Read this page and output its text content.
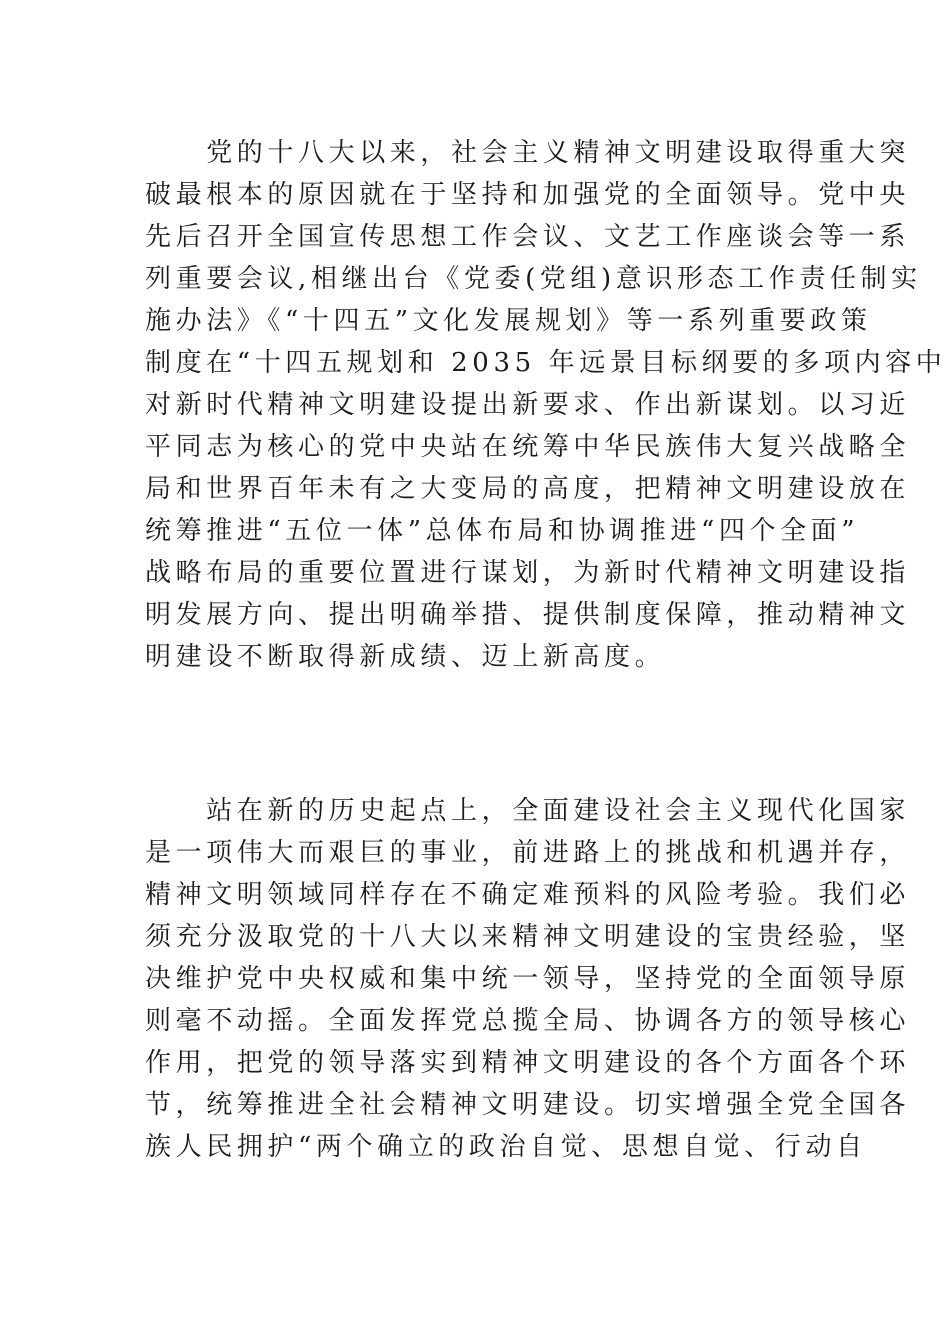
　　党的十八大以来，社会主义精神文明建设取得重大突
破最根本的原因就在于坚持和加强党的全面领导。党中央
先后召开全国宣传思想工作会议、文艺工作座谈会等一系
列重要会议,相继出台《党委(党组)意识形态工作责任制实
施办法》《“十四五”文化发展规划》等一系列重要政策
制度在“十四五规划和 2035 年远景目标纲要的多项内容中
对新时代精神文明建设提出新要求、作出新谋划。以习近
平同志为核心的党中央站在统筹中华民族伟大复兴战略全
局和世界百年未有之大变局的高度，把精神文明建设放在
统筹推进“五位一体”总体布局和协调推进“四个全面”
战略布局的重要位置进行谋划，为新时代精神文明建设指
明发展方向、提出明确举措、提供制度保障，推动精神文
明建设不断取得新成绩、迈上新高度。
　　站在新的历史起点上，全面建设社会主义现代化国家
是一项伟大而艰巨的事业，前进路上的挑战和机遇并存，
精神文明领域同样存在不确定难预料的风险考验。我们必
须充分汲取党的十八大以来精神文明建设的宝贵经验，坚
决维护党中央权威和集中统一领导，坚持党的全面领导原
则毫不动摇。全面发挥党总揽全局、协调各方的领导核心
作用，把党的领导落实到精神文明建设的各个方面各个环
节，统筹推进全社会精神文明建设。切实增强全党全国各
族人民拥护“两个确立的政治自觉、思想自觉、行动自
